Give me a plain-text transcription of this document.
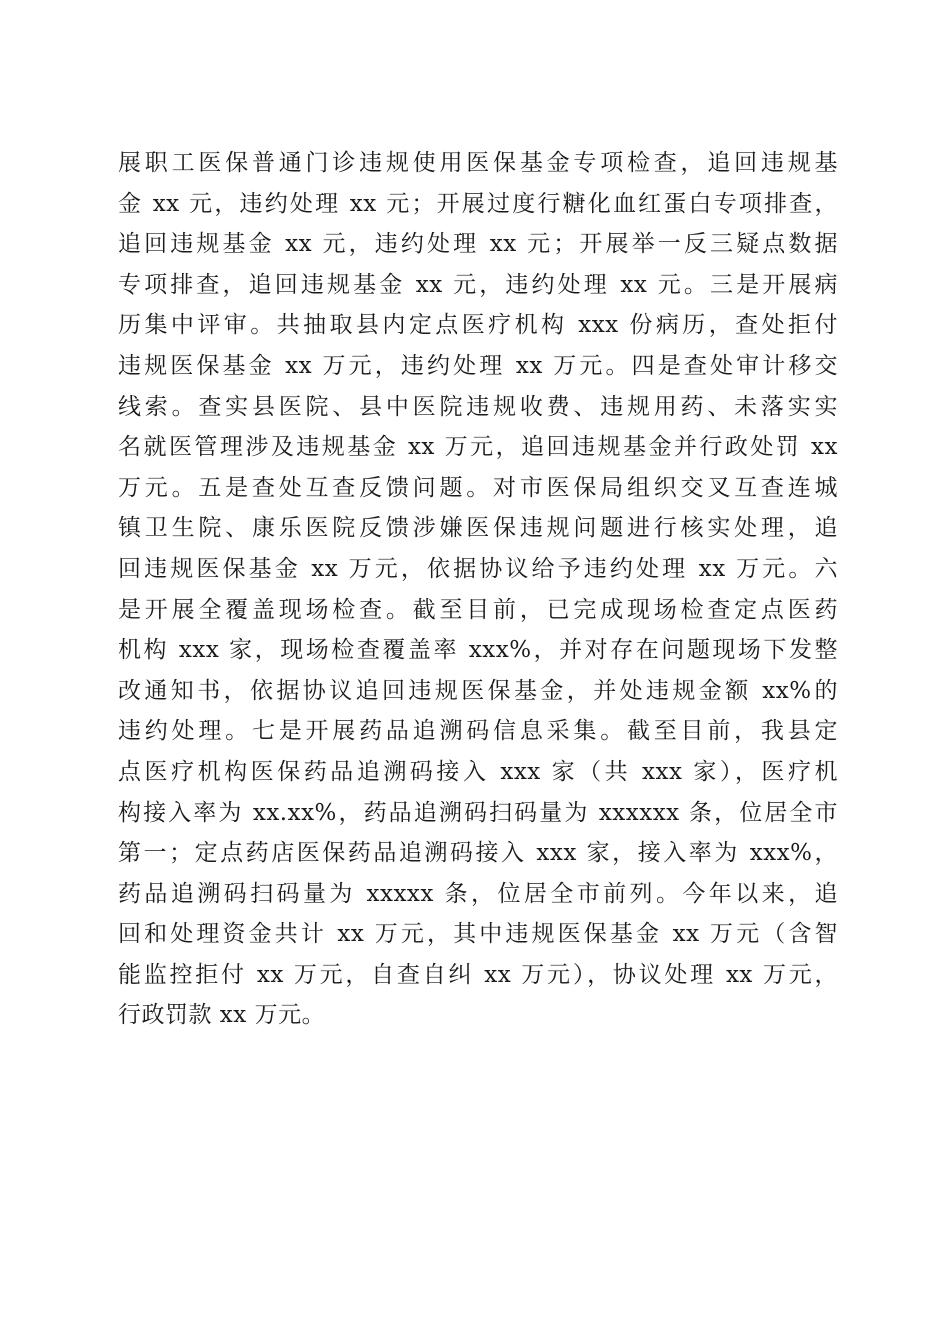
展职工医保普通门诊违规使用医保基金专项检查，追回违规基
金 xx 元，违约处理 xx 元；开展过度行糖化血红蛋白专项排查，
追回违规基金 xx 元，违约处理 xx 元；开展举一反三疑点数据
专项排查，追回违规基金 xx 元，违约处理 xx 元。三是开展病
历集中评审。共抽取县内定点医疗机构 xxx 份病历，查处拒付
违规医保基金 xx 万元，违约处理 xx 万元。四是查处审计移交
线索。查实县医院、县中医院违规收费、违规用药、未落实实
名就医管理涉及违规基金 xx 万元，追回违规基金并行政处罚 xx
万元。五是查处互查反馈问题。对市医保局组织交叉互查连城
镇卫生院、康乐医院反馈涉嫌医保违规问题进行核实处理，追
回违规医保基金 xx 万元，依据协议给予违约处理 xx 万元。六
是开展全覆盖现场检查。截至目前，已完成现场检查定点医药
机构 xxx 家，现场检查覆盖率 xxx%，并对存在问题现场下发整
改通知书，依据协议追回违规医保基金，并处违规金额 xx%的
违约处理。七是开展药品追溯码信息采集。截至目前，我县定
点医疗机构医保药品追溯码接入 xxx 家（共 xxx 家），医疗机
构接入率为 xx.xx%，药品追溯码扫码量为 xxxxxx 条，位居全市
第一；定点药店医保药品追溯码接入 xxx 家，接入率为 xxx%，
药品追溯码扫码量为 xxxxx 条，位居全市前列。今年以来，追
回和处理资金共计 xx 万元，其中违规医保基金 xx 万元（含智
能监控拒付 xx 万元，自查自纠 xx 万元），协议处理 xx 万元，
行政罚款 xx 万元。
